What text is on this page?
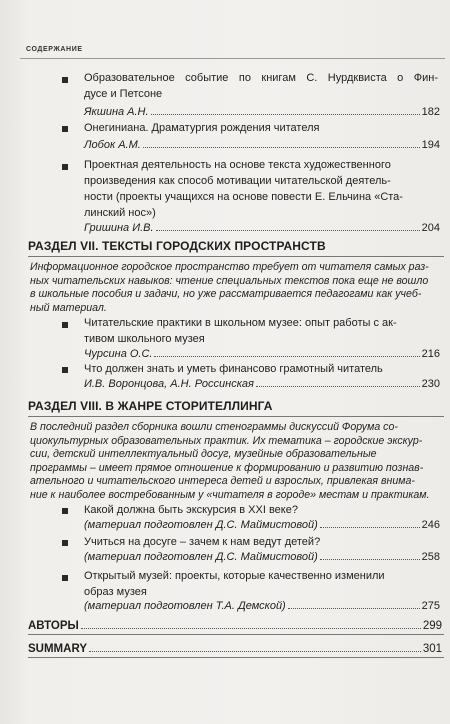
СОДЕРЖАНИЕ
Образовательное событие по книгам С. Нурдквиста о Фин-
дусе и Петсоне
Якшина А.Н.	182
Онегиниана. Драматургия рождения читателя
Лобок А.М.	194
Проектная деятельность на основе текста художественного
произведения как способ мотивации читательской деятель-
ности (проекты учащихся на основе повести Е. Ельчина «Ста-
линский нос»)
Гришина И.В.	204
РАЗДЕЛ VII. ТЕКСТЫ ГОРОДСКИХ ПРОСТРАНСТВ
Информационное городское пространство требует от читателя самых раз-
ных читательских навыков: чтение специальных текстов пока еще не вошло
в школьные пособия и задачи, но уже рассматривается педагогами как учеб-
ный материал.
Читательские практики в школьном музее: опыт работы с ак-
тивом школьного музея
Чурсина О.С.	216
Что должен знать и уметь финансово грамотный читатель
И.В. Воронцова, А.Н. Россинская	230
РАЗДЕЛ VIII. В ЖАНРЕ СТОРИТЕЛЛИНГА
В последний раздел сборника вошли стенограммы дискуссий Форума со-
циокультурных образовательных практик. Их тематика – городские экскур-
сии, детский интеллектуальный досуг, музейные образовательные
программы – имеет прямое отношение к формированию и развитию познав-
ательного и читательского интереса детей и взрослых, привлекая внима-
ние к наиболее востребованным у «читателя в городе» местам и практикам.
Какой должна быть экскурсия в XXI веке?
(материал подготовлен Д.С. Маймистовой)	246
Учиться на досуге – зачем к нам ведут детей?
(материал подготовлен Д.С. Маймистовой)	258
Открытый музей: проекты, которые качественно изменили
образ музея
(материал подготовлен Т.А. Демской)	275
АВТОРЫ	299
SUMMARY	301
